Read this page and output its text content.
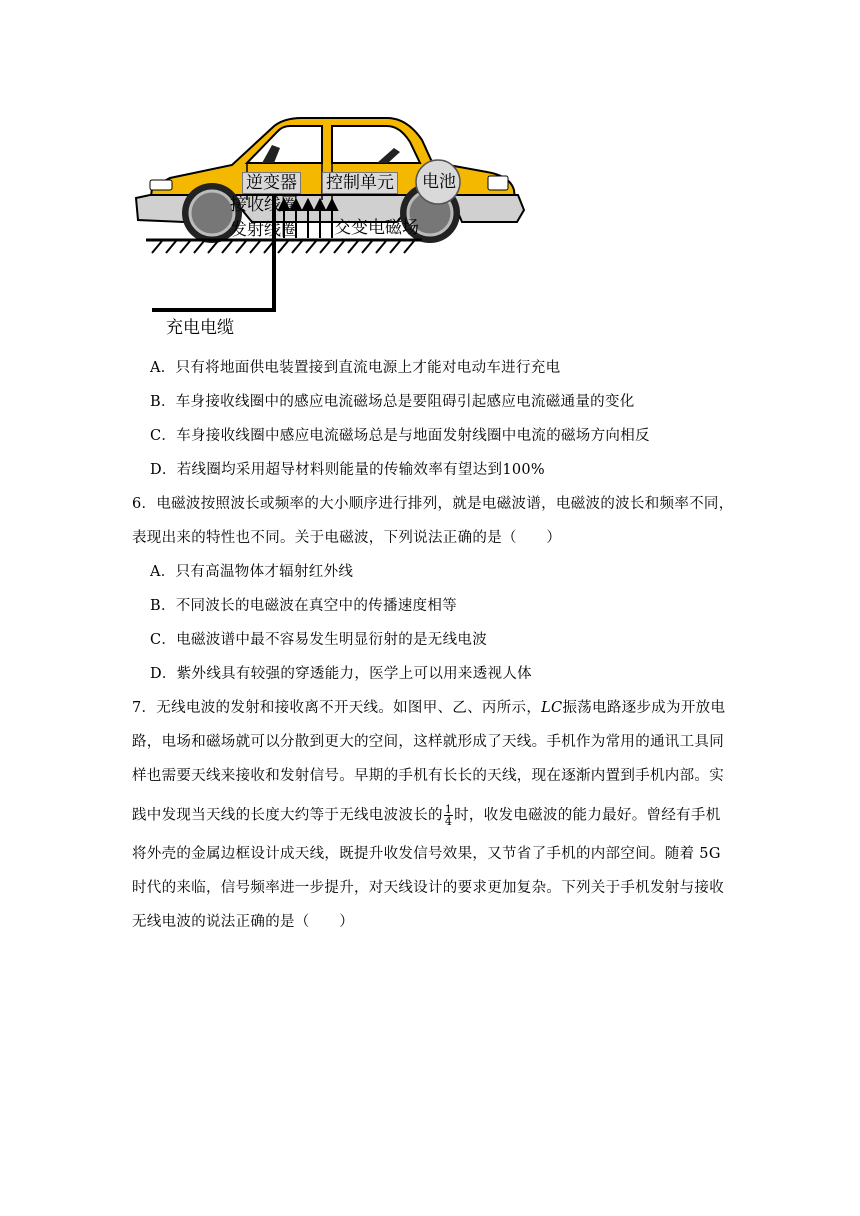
逆变器 控制单元 电池
接收线圈
发射线圈 交变电磁场
充电电缆
A．只有将地面供电装置接到直流电源上才能对电动车进行充电
B．车身接收线圈中的感应电流磁场总是要阻碍引起感应电流磁通量的变化
C．车身接收线圈中感应电流磁场总是与地面发射线圈中电流的磁场方向相反
D．若线圈均采用超导材料则能量的传输效率有望达到100%
6．电磁波按照波长或频率的大小顺序进行排列，就是电磁波谱，电磁波的波长和频率不同，
表现出来的特性也不同。关于电磁波，下列说法正确的是（　　）
A．只有高温物体才辐射红外线
B．不同波长的电磁波在真空中的传播速度相等
C．电磁波谱中最不容易发生明显衍射的是无线电波
D．紫外线具有较强的穿透能力，医学上可以用来透视人体
7．无线电波的发射和接收离不开天线。如图甲、乙、丙所示，LC振荡电路逐步成为开放电
路，电场和磁场就可以分散到更大的空间，这样就形成了天线。手机作为常用的通讯工具同
样也需要天线来接收和发射信号。早期的手机有长长的天线，现在逐渐内置到手机内部。实
践中发现当天线的长度大约等于无线电波波长的 $\frac{1}{4}$ 时，收发电磁波的能力最好。曾经有手机
将外壳的金属边框设计成天线，既提升收发信号效果，又节省了手机的内部空间。随着 5G
时代的来临，信号频率进一步提升，对天线设计的要求更加复杂。下列关于手机发射与接收
无线电波的说法正确的是（　　）
